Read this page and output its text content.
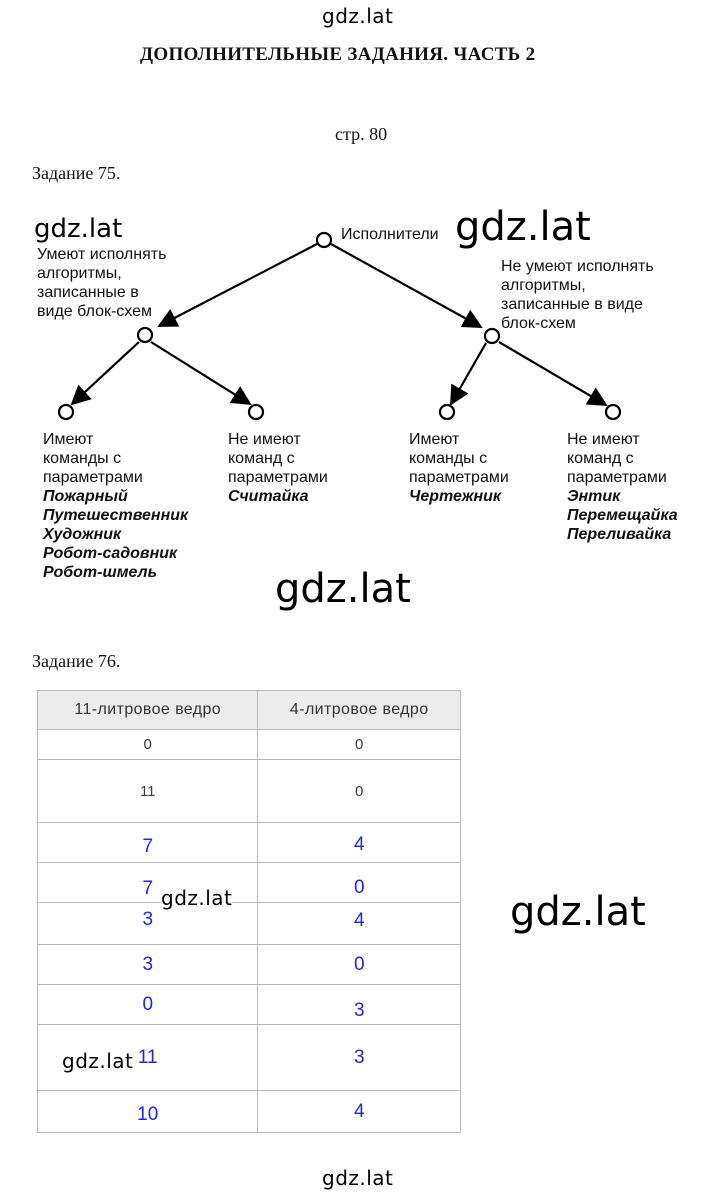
gdz.lat
gdz.lat
ДОПОЛНИТЕЛЬНЫЕ ЗАДАНИЯ. ЧАСТЬ 2
стр. 80
Задание 75.
Исполнители
Умеют исполнять
алгоритмы,
записанные в
виде блок-схем
Не умеют исполнять
алгоритмы,
записанные в виде
блок-схем
Имеют
команды с
параметрами
Пожарный
Путешественник
Художник
Робот-садовник
Робот-шмель
Не имеют
команд с
параметрами
Считайка
Имеют
команды с
параметрами
Чертежник
Не имеют
команд с
параметрами
Энтик
Перемещайка
Переливайка
gdz.lat	gdz.lat
gdz.lat
Задание 76.
11-литровое ведро	4-литровое ведро
0	0
11	0
7	4
7	0
3	4
3	0
0	3
11	3
10	4
gdz.lat
gdz.lat
gdz.lat
